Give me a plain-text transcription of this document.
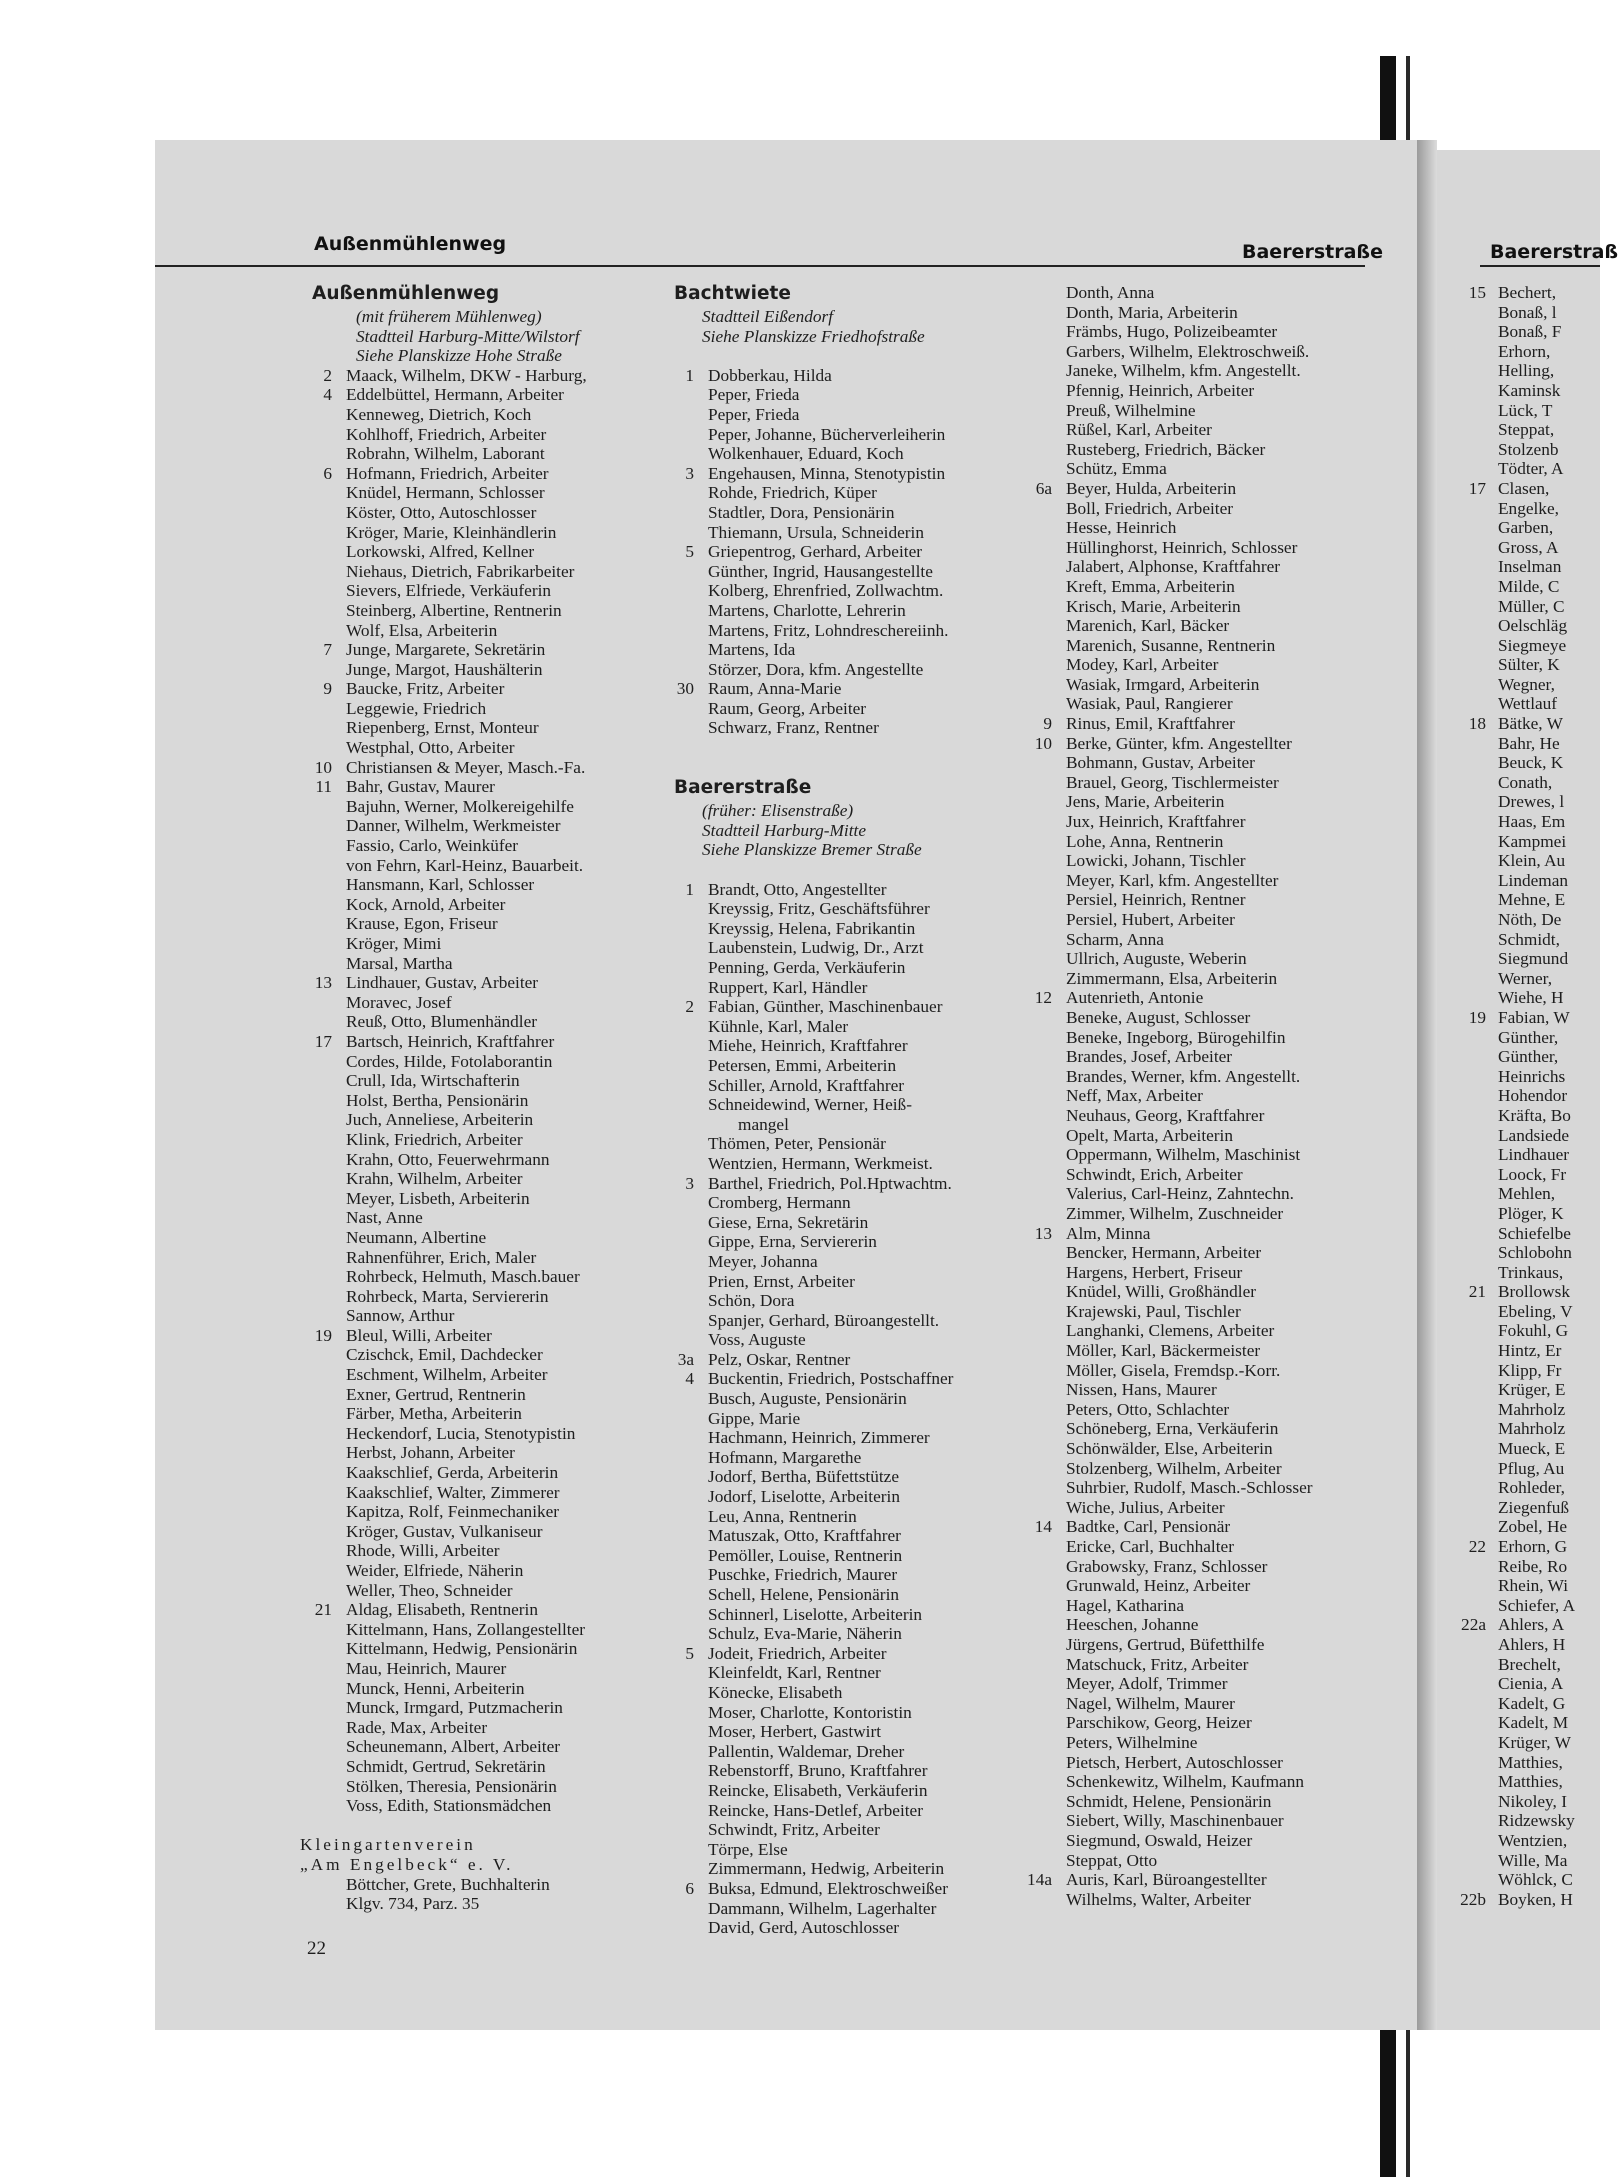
Außenmühlenweg	Baererstraße	Baererstraß
Außenmühlenweg
(mit früherem Mühlenweg)
Stadtteil Harburg-Mitte/Wilstorf
Siehe Planskizze Hohe Straße
2 Maack, Wilhelm, DKW - Harburg,
4 Eddelbüttel, Hermann, Arbeiter
Kenneweg, Dietrich, Koch
Kohlhoff, Friedrich, Arbeiter
Robrahn, Wilhelm, Laborant
6 Hofmann, Friedrich, Arbeiter
Knüdel, Hermann, Schlosser
Köster, Otto, Autoschlosser
Kröger, Marie, Kleinhändlerin
Lorkowski, Alfred, Kellner
Niehaus, Dietrich, Fabrikarbeiter
Sievers, Elfriede, Verkäuferin
Steinberg, Albertine, Rentnerin
Wolf, Elsa, Arbeiterin
7 Junge, Margarete, Sekretärin
Junge, Margot, Haushälterin
9 Baucke, Fritz, Arbeiter
Leggewie, Friedrich
Riepenberg, Ernst, Monteur
Westphal, Otto, Arbeiter
10 Christiansen & Meyer, Masch.-Fa.
11 Bahr, Gustav, Maurer
Bajuhn, Werner, Molkereigehilfe
Danner, Wilhelm, Werkmeister
Fassio, Carlo, Weinküfer
von Fehrn, Karl-Heinz, Bauarbeit.
Hansmann, Karl, Schlosser
Kock, Arnold, Arbeiter
Krause, Egon, Friseur
Kröger, Mimi
Marsal, Martha
13 Lindhauer, Gustav, Arbeiter
Moravec, Josef
Reuß, Otto, Blumenhändler
17 Bartsch, Heinrich, Kraftfahrer
Cordes, Hilde, Fotolaborantin
Crull, Ida, Wirtschafterin
Holst, Bertha, Pensionärin
Juch, Anneliese, Arbeiterin
Klink, Friedrich, Arbeiter
Krahn, Otto, Feuerwehrmann
Krahn, Wilhelm, Arbeiter
Meyer, Lisbeth, Arbeiterin
Nast, Anne
Neumann, Albertine
Rahnenführer, Erich, Maler
Rohrbeck, Helmuth, Masch.bauer
Rohrbeck, Marta, Serviererin
Sannow, Arthur
19 Bleul, Willi, Arbeiter
Czischck, Emil, Dachdecker
Eschment, Wilhelm, Arbeiter
Exner, Gertrud, Rentnerin
Färber, Metha, Arbeiterin
Heckendorf, Lucia, Stenotypistin
Herbst, Johann, Arbeiter
Kaakschlief, Gerda, Arbeiterin
Kaakschlief, Walter, Zimmerer
Kapitza, Rolf, Feinmechaniker
Kröger, Gustav, Vulkaniseur
Rhode, Willi, Arbeiter
Weider, Elfriede, Näherin
Weller, Theo, Schneider
21 Aldag, Elisabeth, Rentnerin
Kittelmann, Hans, Zollangestellter
Kittelmann, Hedwig, Pensionärin
Mau, Heinrich, Maurer
Munck, Henni, Arbeiterin
Munck, Irmgard, Putzmacherin
Rade, Max, Arbeiter
Scheunemann, Albert, Arbeiter
Schmidt, Gertrud, Sekretärin
Stölken, Theresia, Pensionärin
Voss, Edith, Stationsmädchen
Kleingartenverein
„Am Engelbeck“ e. V.
Böttcher, Grete, Buchhalterin
Klgv. 734, Parz. 35
Bachtwiete
Stadtteil Eißendorf
Siehe Planskizze Friedhofstraße
1 Dobberkau, Hilda
Peper, Frieda
Peper, Frieda
Peper, Johanne, Bücherverleiherin
Wolkenhauer, Eduard, Koch
3 Engehausen, Minna, Stenotypistin
Rohde, Friedrich, Küper
Stadtler, Dora, Pensionärin
Thiemann, Ursula, Schneiderin
5 Griepentrog, Gerhard, Arbeiter
Günther, Ingrid, Hausangestellte
Kolberg, Ehrenfried, Zollwachtm.
Martens, Charlotte, Lehrerin
Martens, Fritz, Lohndreschereiinh.
Martens, Ida
Störzer, Dora, kfm. Angestellte
30 Raum, Anna-Marie
Raum, Georg, Arbeiter
Schwarz, Franz, Rentner
Baererstraße
(früher: Elisenstraße)
Stadtteil Harburg-Mitte
Siehe Planskizze Bremer Straße
1 Brandt, Otto, Angestellter
Kreyssig, Fritz, Geschäftsführer
Kreyssig, Helena, Fabrikantin
Laubenstein, Ludwig, Dr., Arzt
Penning, Gerda, Verkäuferin
Ruppert, Karl, Händler
2 Fabian, Günther, Maschinenbauer
Kühnle, Karl, Maler
Miehe, Heinrich, Kraftfahrer
Petersen, Emmi, Arbeiterin
Schiller, Arnold, Kraftfahrer
Schneidewind, Werner, Heiß-
mangel
Thömen, Peter, Pensionär
Wentzien, Hermann, Werkmeist.
3 Barthel, Friedrich, Pol.Hptwachtm.
Cromberg, Hermann
Giese, Erna, Sekretärin
Gippe, Erna, Serviererin
Meyer, Johanna
Prien, Ernst, Arbeiter
Schön, Dora
Spanjer, Gerhard, Büroangestellt.
Voss, Auguste
3a Pelz, Oskar, Rentner
4 Buckentin, Friedrich, Postschaffner
Busch, Auguste, Pensionärin
Gippe, Marie
Hachmann, Heinrich, Zimmerer
Hofmann, Margarethe
Jodorf, Bertha, Büfettstütze
Jodorf, Liselotte, Arbeiterin
Leu, Anna, Rentnerin
Matuszak, Otto, Kraftfahrer
Pemöller, Louise, Rentnerin
Puschke, Friedrich, Maurer
Schell, Helene, Pensionärin
Schinnerl, Liselotte, Arbeiterin
Schulz, Eva-Marie, Näherin
5 Jodeit, Friedrich, Arbeiter
Kleinfeldt, Karl, Rentner
Könecke, Elisabeth
Moser, Charlotte, Kontoristin
Moser, Herbert, Gastwirt
Pallentin, Waldemar, Dreher
Rebenstorff, Bruno, Kraftfahrer
Reincke, Elisabeth, Verkäuferin
Reincke, Hans-Detlef, Arbeiter
Schwindt, Fritz, Arbeiter
Törpe, Else
Zimmermann, Hedwig, Arbeiterin
6 Buksa, Edmund, Elektroschweißer
Dammann, Wilhelm, Lagerhalter
David, Gerd, Autoschlosser
Donth, Anna
Donth, Maria, Arbeiterin
Främbs, Hugo, Polizeibeamter
Garbers, Wilhelm, Elektroschweiß.
Janeke, Wilhelm, kfm. Angestellt.
Pfennig, Heinrich, Arbeiter
Preuß, Wilhelmine
Rüßel, Karl, Arbeiter
Rusteberg, Friedrich, Bäcker
Schütz, Emma
6a Beyer, Hulda, Arbeiterin
Boll, Friedrich, Arbeiter
Hesse, Heinrich
Hüllinghorst, Heinrich, Schlosser
Jalabert, Alphonse, Kraftfahrer
Kreft, Emma, Arbeiterin
Krisch, Marie, Arbeiterin
Marenich, Karl, Bäcker
Marenich, Susanne, Rentnerin
Modey, Karl, Arbeiter
Wasiak, Irmgard, Arbeiterin
Wasiak, Paul, Rangierer
9 Rinus, Emil, Kraftfahrer
10 Berke, Günter, kfm. Angestellter
Bohmann, Gustav, Arbeiter
Brauel, Georg, Tischlermeister
Jens, Marie, Arbeiterin
Jux, Heinrich, Kraftfahrer
Lohe, Anna, Rentnerin
Lowicki, Johann, Tischler
Meyer, Karl, kfm. Angestellter
Persiel, Heinrich, Rentner
Persiel, Hubert, Arbeiter
Scharm, Anna
Ullrich, Auguste, Weberin
Zimmermann, Elsa, Arbeiterin
12 Autenrieth, Antonie
Beneke, August, Schlosser
Beneke, Ingeborg, Bürogehilfin
Brandes, Josef, Arbeiter
Brandes, Werner, kfm. Angestellt.
Neff, Max, Arbeiter
Neuhaus, Georg, Kraftfahrer
Opelt, Marta, Arbeiterin
Oppermann, Wilhelm, Maschinist
Schwindt, Erich, Arbeiter
Valerius, Carl-Heinz, Zahntechn.
Zimmer, Wilhelm, Zuschneider
13 Alm, Minna
Bencker, Hermann, Arbeiter
Hargens, Herbert, Friseur
Knüdel, Willi, Großhändler
Krajewski, Paul, Tischler
Langhanki, Clemens, Arbeiter
Möller, Karl, Bäckermeister
Möller, Gisela, Fremdsp.-Korr.
Nissen, Hans, Maurer
Peters, Otto, Schlachter
Schöneberg, Erna, Verkäuferin
Schönwälder, Else, Arbeiterin
Stolzenberg, Wilhelm, Arbeiter
Suhrbier, Rudolf, Masch.-Schlosser
Wiche, Julius, Arbeiter
14 Badtke, Carl, Pensionär
Ericke, Carl, Buchhalter
Grabowsky, Franz, Schlosser
Grunwald, Heinz, Arbeiter
Hagel, Katharina
Heeschen, Johanne
Jürgens, Gertrud, Büfetthilfe
Matschuck, Fritz, Arbeiter
Meyer, Adolf, Trimmer
Nagel, Wilhelm, Maurer
Parschikow, Georg, Heizer
Peters, Wilhelmine
Pietsch, Herbert, Autoschlosser
Schenkewitz, Wilhelm, Kaufmann
Schmidt, Helene, Pensionärin
Siebert, Willy, Maschinenbauer
Siegmund, Oswald, Heizer
Steppat, Otto
14a Auris, Karl, Büroangestellter
Wilhelms, Walter, Arbeiter
15 Bechert,
Bonaß, l
Bonaß, F
Erhorn,
Helling,
Kaminsk
Lück, T
Steppat,
Stolzenb
Tödter, A
17 Clasen,
Engelke,
Garben,
Gross, A
Inselman
Milde, C
Müller, C
Oelschläg
Siegmeye
Sülter, K
Wegner,
Wettlauf
18 Bätke, W
Bahr, He
Beuck, K
Conath,
Drewes, l
Haas, Em
Kampmei
Klein, Au
Lindeman
Mehne, E
Nöth, De
Schmidt,
Siegmund
Werner,
Wiehe, H
19 Fabian, W
Günther,
Günther,
Heinrichs
Hohendor
Kräfta, Bo
Landsiede
Lindhauer
Loock, Fr
Mehlen,
Plöger, K
Schiefelbe
Schlobohn
Trinkaus,
21 Brollowsk
Ebeling, V
Fokuhl, G
Hintz, Er
Klipp, Fr
Krüger, E
Mahrholz
Mahrholz
Mueck, E
Pflug, Au
Rohleder,
Ziegenfuß
Zobel, He
22 Erhorn, G
Reibe, Ro
Rhein, Wi
Schiefer, A
22a Ahlers, A
Ahlers, H
Brechelt,
Cienia, A
Kadelt, G
Kadelt, M
Krüger, W
Matthies,
Matthies,
Nikoley, I
Ridzewsky
Wentzien,
Wille, Ma
Wöhlck, C
22b Boyken, H
22
